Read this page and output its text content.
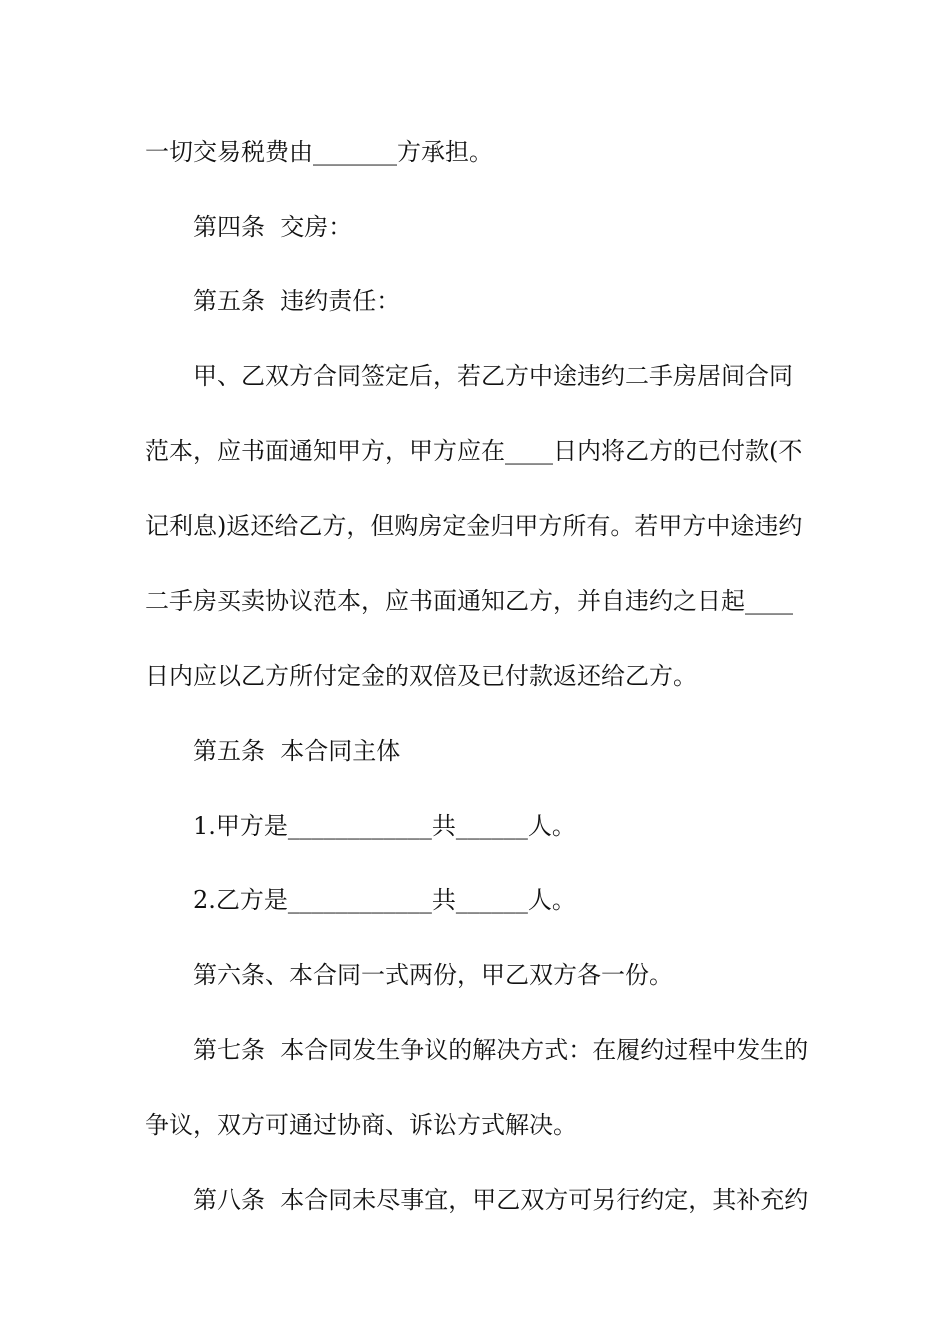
一切交易税费由_______方承担。
第四条  交房：
第五条  违约责任：
甲、乙双方合同签定后，若乙方中途违约二手房居间合同
范本，应书面通知甲方，甲方应在____日内将乙方的已付款(不
记利息)返还给乙方，但购房定金归甲方所有。若甲方中途违约
二手房买卖协议范本，应书面通知乙方，并自违约之日起____
日内应以乙方所付定金的双倍及已付款返还给乙方。
第五条  本合同主体
1.甲方是____________共______人。
2.乙方是____________共______人。
第六条、本合同一式两份，甲乙双方各一份。
第七条  本合同发生争议的解决方式：在履约过程中发生的
争议，双方可通过协商、诉讼方式解决。
第八条  本合同未尽事宜，甲乙双方可另行约定，其补充约
